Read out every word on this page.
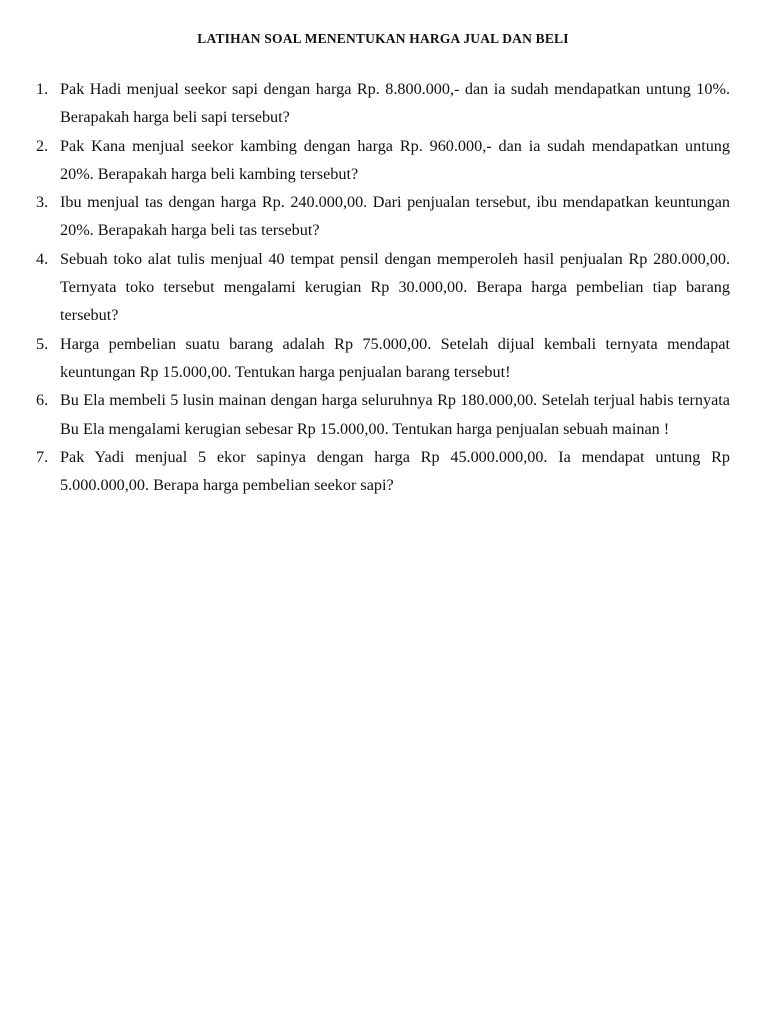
LATIHAN SOAL MENENTUKAN HARGA JUAL DAN BELI
1. Pak Hadi menjual seekor sapi dengan harga Rp. 8.800.000,- dan ia sudah mendapatkan untung 10%. Berapakah harga beli sapi tersebut?
2. Pak Kana menjual seekor kambing dengan harga Rp. 960.000,- dan ia sudah mendapatkan untung 20%. Berapakah harga beli kambing tersebut?
3. Ibu menjual tas dengan harga Rp. 240.000,00. Dari penjualan tersebut, ibu mendapatkan keuntungan 20%. Berapakah harga beli tas tersebut?
4. Sebuah toko alat tulis menjual 40 tempat pensil dengan memperoleh hasil penjualan Rp 280.000,00. Ternyata toko tersebut mengalami kerugian Rp 30.000,00. Berapa harga pembelian tiap barang tersebut?
5. Harga pembelian suatu barang adalah Rp 75.000,00. Setelah dijual kembali ternyata mendapat keuntungan Rp 15.000,00. Tentukan harga penjualan barang tersebut!
6. Bu Ela membeli 5 lusin mainan dengan harga seluruhnya Rp 180.000,00. Setelah terjual habis ternyata Bu Ela mengalami kerugian sebesar Rp 15.000,00. Tentukan harga penjualan sebuah mainan !
7. Pak Yadi menjual 5 ekor sapinya dengan harga Rp 45.000.000,00. Ia mendapat untung Rp 5.000.000,00. Berapa harga pembelian seekor sapi?
